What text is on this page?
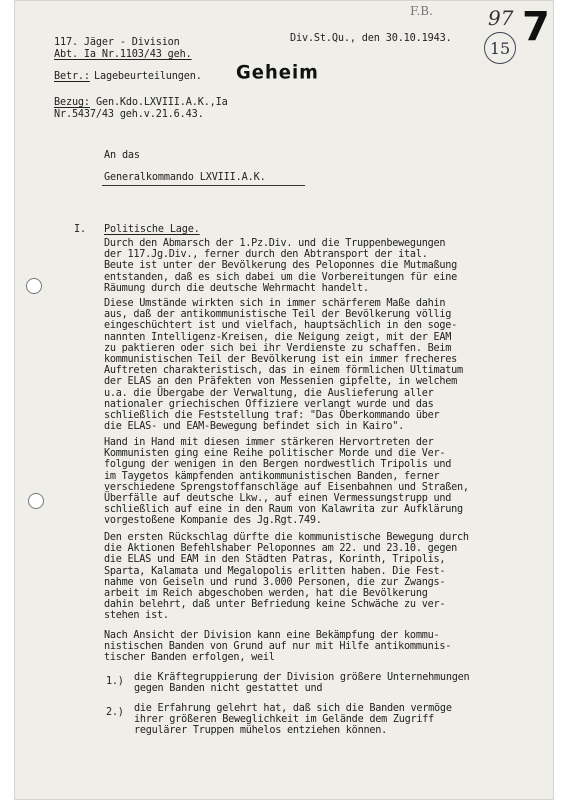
F.B.	97 7
15
117. Jäger - Division
Abt. Ia Nr.1103/43 geh.
Div.St.Qu., den 30.10.1943.
Betr.: Lagebeurteilungen. Geheim
Bezug: Gen.Kdo.LXVIII.A.K.,Ia
Nr.5437/43 geh.v.21.6.43.
An das
Generalkommando LXVIII.A.K.
I. Politische Lage.
Durch den Abmarsch der 1.Pz.Div. und die Truppenbewegungen
der 117.Jg.Div., ferner durch den Abtransport der ital.
Beute ist unter der Bevölkerung des Peloponnes die Mutmaßung
entstanden, daß es sich dabei um die Vorbereitungen für eine
Räumung durch die deutsche Wehrmacht handelt.
Diese Umstände wirkten sich in immer schärferem Maße dahin
aus, daß der antikommunistische Teil der Bevölkerung völlig
eingeschüchtert ist und vielfach, hauptsächlich in den soge-
nannten Intelligenz-Kreisen, die Neigung zeigt, mit der EAM
zu paktieren oder sich bei ihr Verdienste zu schaffen. Beim
kommunistischen Teil der Bevölkerung ist ein immer frecheres
Auftreten charakteristisch, das in einem förmlichen Ultimatum
der ELAS an den Präfekten von Messenien gipfelte, in welchem
u.a. die Übergabe der Verwaltung, die Auslieferung aller
nationaler griechischen Offiziere verlangt wurde und das
schließlich die Feststellung traf: "Das Oberkommando über
die ELAS- und EAM-Bewegung befindet sich in Kairo".
Hand in Hand mit diesen immer stärkeren Hervortreten der
Kommunisten ging eine Reihe politischer Morde und die Ver-
folgung der wenigen in den Bergen nordwestlich Tripolis und
im Taygetos kämpfenden antikommunistischen Banden, ferner
verschiedene Sprengstoffanschläge auf Eisenbahnen und Straßen,
Überfälle auf deutsche Lkw., auf einen Vermessungstrupp und
schließlich auf eine in den Raum von Kalawrita zur Aufklärung
vorgestoßene Kompanie des Jg.Rgt.749.
Den ersten Rückschlag dürfte die kommunistische Bewegung durch
die Aktionen Befehlshaber Peloponnes am 22. und 23.10. gegen
die ELAS und EAM in den Städten Patras, Korinth, Tripolis,
Sparta, Kalamata und Megalopolis erlitten haben. Die Fest-
nahme von Geiseln und rund 3.000 Personen, die zur Zwangs-
arbeit im Reich abgeschoben werden, hat die Bevölkerung
dahin belehrt, daß unter Befriedung keine Schwäche zu ver-
stehen ist.
Nach Ansicht der Division kann eine Bekämpfung der kommu-
nistischen Banden von Grund auf nur mit Hilfe antikommunis-
tischer Banden erfolgen, weil
1.) die Kräftegruppierung der Division größere Unternehmungen
gegen Banden nicht gestattet und
2.) die Erfahrung gelehrt hat, daß sich die Banden vermöge
ihrer größeren Beweglichkeit im Gelände dem Zugriff
regulärer Truppen mühelos entziehen können.
